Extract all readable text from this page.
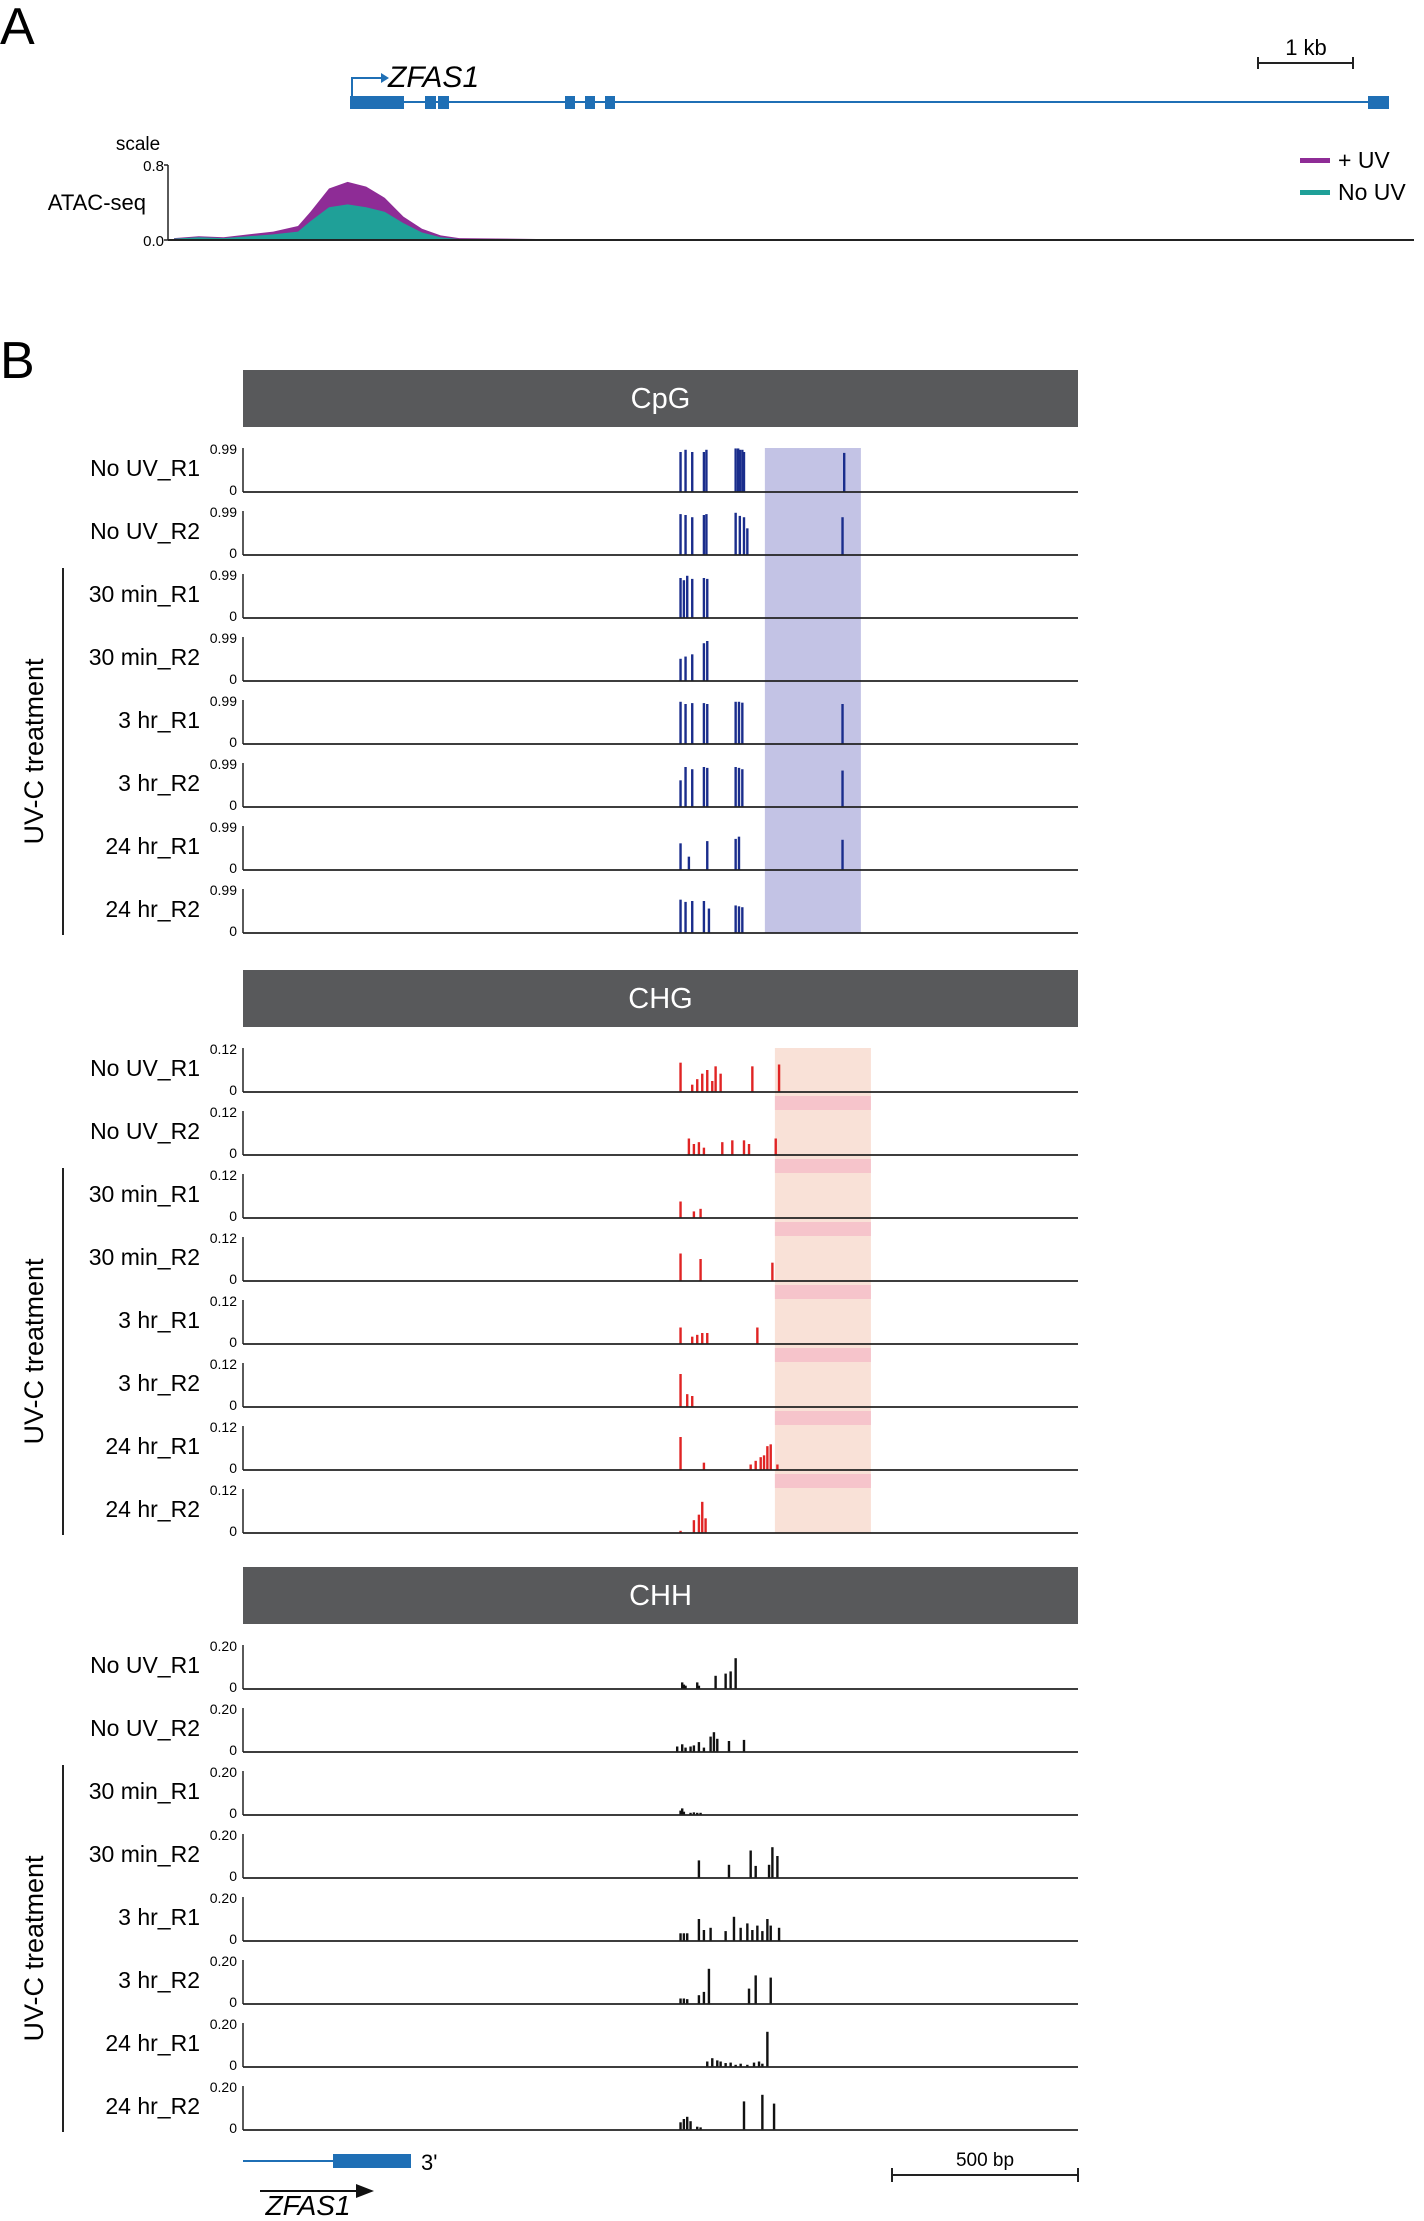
A
ZFAS1
1 kb
scale
ATAC-seq
0.8
0.0
+ UV
No UV
B
CpG
No UV_R1
0.99
0
No UV_R2
0.99
0
30 min_R1
0.99
0
30 min_R2
0.99
0
3 hr_R1
0.99
0
3 hr_R2
0.99
0
24 hr_R1
0.99
0
24 hr_R2
0.99
0
UV-C treatment
CHG
No UV_R1
0.12
0
No UV_R2
0.12
0
30 min_R1
0.12
0
30 min_R2
0.12
0
3 hr_R1
0.12
0
3 hr_R2
0.12
0
24 hr_R1
0.12
0
24 hr_R2
0.12
0
UV-C treatment
CHH
No UV_R1
0.20
0
No UV_R2
0.20
0
30 min_R1
0.20
0
30 min_R2
0.20
0
3 hr_R1
0.20
0
3 hr_R2
0.20
0
24 hr_R1
0.20
0
24 hr_R2
0.20
0
UV-C treatment
3'
ZFAS1
500 bp
